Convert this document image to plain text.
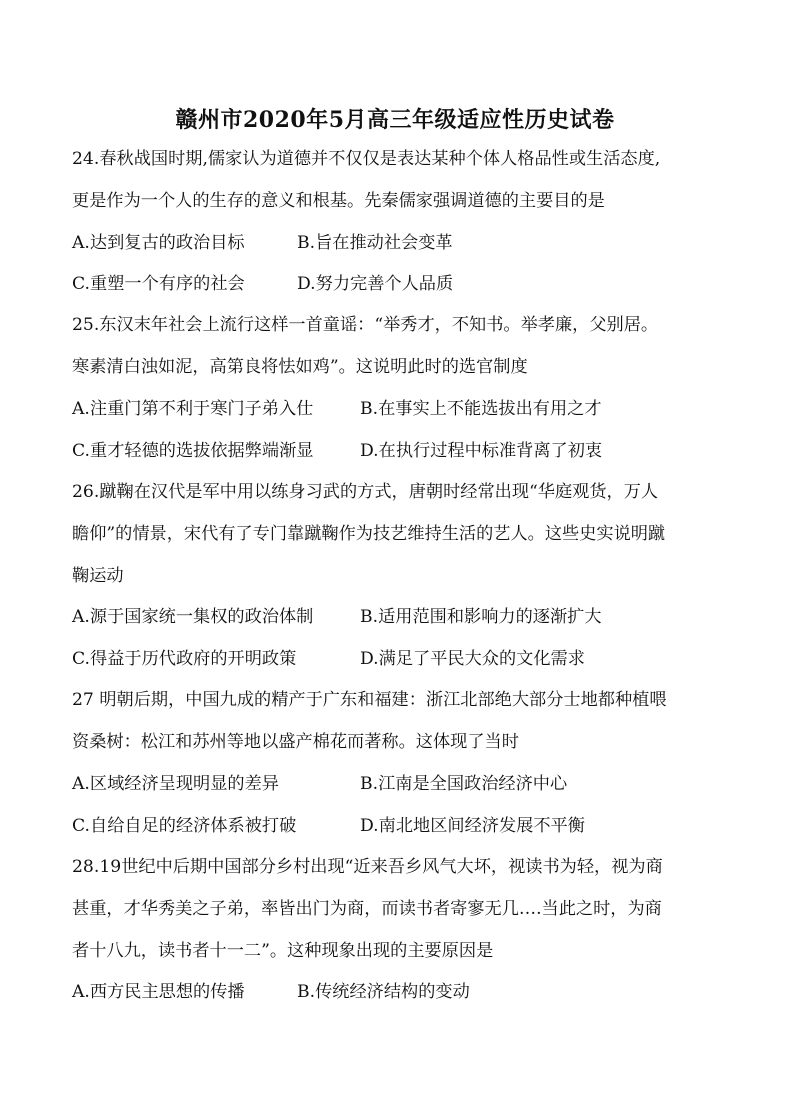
赣州市2020年5月高三年级适应性历史试卷
24.春秋战国时期,儒家认为道德并不仅仅是表达某种个体人格品性或生活态度,
更是作为一个人的生存的意义和根基。先秦儒家强调道德的主要目的是
A.达到复古的政治目标	B.旨在推动社会变革
C.重塑一个有序的社会	D.努力完善个人品质
25.东汉末年社会上流行这样一首童谣：“举秀才，不知书。举孝廉，父别居。
寒素清白浊如泥，高第良将怯如鸡”。这说明此时的选官制度
A.注重门第不利于寒门子弟入仕	B.在事实上不能选拔出有用之才
C.重才轻德的选拔依据弊端渐显	D.在执行过程中标准背离了初衷
26.蹴鞠在汉代是军中用以练身习武的方式，唐朝时经常出现“华庭观货，万人
瞻仰”的情景，宋代有了专门靠蹴鞠作为技艺维持生活的艺人。这些史实说明蹴
鞠运动
A.源于国家统一集权的政治体制	B.适用范围和影响力的逐渐扩大
C.得益于历代政府的开明政策	D.满足了平民大众的文化需求
27 明朝后期，中国九成的精产于广东和福建：浙江北部绝大部分士地都种植喂
资桑树：松江和苏州等地以盛产棉花而著称。这体现了当时
A.区域经济呈现明显的差异	B.江南是全国政治经济中心
C.自给自足的经济体系被打破	D.南北地区间经济发展不平衡
28.19世纪中后期中国部分乡村出现“近来吾乡风气大坏，视读书为轻，视为商
甚重，才华秀美之子弟，率皆出门为商，而读书者寄寥无几….当此之时，为商
者十八九，读书者十一二”。这种现象出现的主要原因是
A.西方民主思想的传播	B.传统经济结构的变动
